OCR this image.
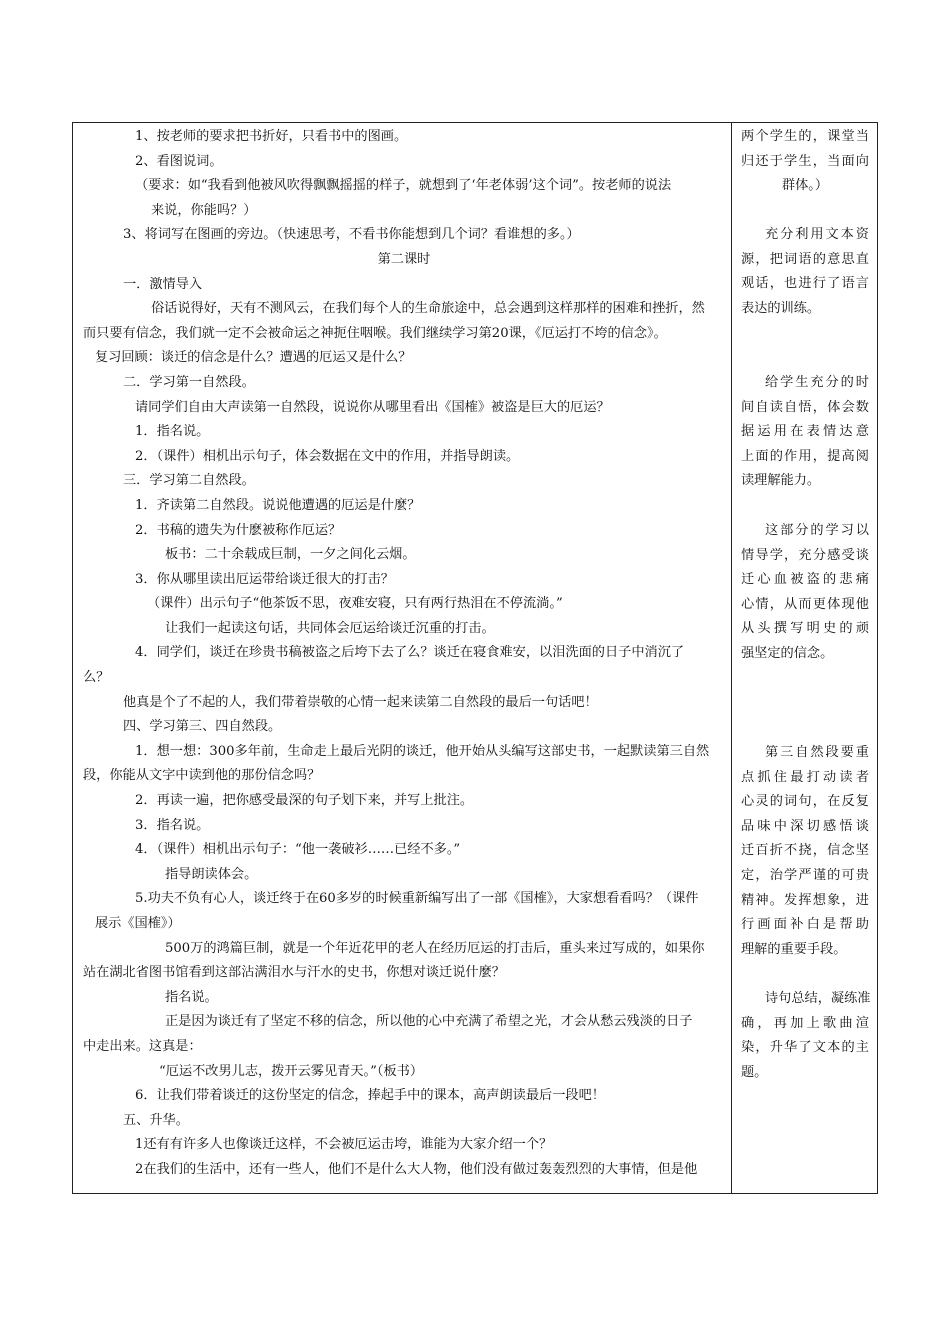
1、按老师的要求把书折好，只看书中的图画。
2、看图说词。
（要求：如“我看到他被风吹得飘飘摇摇的样子，就想到了‘年老体弱’这个词”。按老师的说法
来说，你能吗？）
3、将词写在图画的旁边。（快速思考，不看书你能想到几个词？看谁想的多。）
第二课时
一．激情导入
俗话说得好，天有不测风云，在我们每个人的生命旅途中，总会遇到这样那样的困难和挫折，然
而只要有信念，我们就一定不会被命运之神扼住咽喉。我们继续学习第20课，《厄运打不垮的信念》。
复习回顾：谈迁的信念是什么？遭遇的厄运又是什么？
二．学习第一自然段。
请同学们自由大声读第一自然段，说说你从哪里看出《国榷》被盗是巨大的厄运？
1．指名说。
2．（课件）相机出示句子，体会数据在文中的作用，并指导朗读。
三．学习第二自然段。
1．齐读第二自然段。说说他遭遇的厄运是什麼？
2．书稿的遗失为什麽被称作厄运？
板书：二十余载成巨制，一夕之间化云烟。
3．你从哪里读出厄运带给谈迁很大的打击？
（课件）出示句子“他茶饭不思，夜难安寝，只有两行热泪在不停流淌。”
让我们一起读这句话，共同体会厄运给谈迁沉重的打击。
4．同学们，谈迁在珍贵书稿被盗之后垮下去了么？谈迁在寝食难安，以泪洗面的日子中消沉了
么？
他真是个了不起的人，我们带着崇敬的心情一起来读第二自然段的最后一句话吧！
四、学习第三、四自然段。
1．想一想：300多年前，生命走上最后光阴的谈迁，他开始从头编写这部史书，一起默读第三自然
段，你能从文字中读到他的那份信念吗？
2．再读一遍，把你感受最深的句子划下来，并写上批注。
3．指名说。
4．（课件）相机出示句子：“他一袭破衫……已经不多。”
指导朗读体会。
5.功夫不负有心人，谈迁终于在60多岁的时候重新编写出了一部《国榷》，大家想看看吗？（课件
展示《国榷》）
500万的鸿篇巨制，就是一个年近花甲的老人在经历厄运的打击后，重头来过写成的，如果你
站在湖北省图书馆看到这部沾满泪水与汗水的史书，你想对谈迁说什麼？
指名说。
正是因为谈迁有了坚定不移的信念，所以他的心中充满了希望之光，才会从愁云残淡的日子
中走出来。这真是：
“厄运不改男儿志，拨开云雾见青天。”（板书）
6．让我们带着谈迁的这份坚定的信念，捧起手中的课本，高声朗读最后一段吧！
五、升华。
1还有有许多人也像谈迁这样，不会被厄运击垮，谁能为大家介绍一个？
2在我们的生活中，还有一些人，他们不是什么大人物，他们没有做过轰轰烈烈的大事情，但是他
两个学生的，课堂当
归还于学生，当面向
群体。）
充分利用文本资
源，把词语的意思直
观话，也进行了语言
表达的训练。
给学生充分的时
间自读自悟，体会数
据运用在表情达意
上面的作用，提高阅
读理解能力。
这部分的学习以
情导学，充分感受谈
迁心血被盗的悲痛
心情，从而更体现他
从头撰写明史的顽
强坚定的信念。
第三自然段要重
点抓住最打动读者
心灵的词句，在反复
品味中深切感悟谈
迁百折不挠，信念坚
定，治学严谨的可贵
精神。发挥想象，进
行画面补白是帮助
理解的重要手段。
诗句总结，凝练准
确，再加上歌曲渲
染，升华了文本的主
题。
